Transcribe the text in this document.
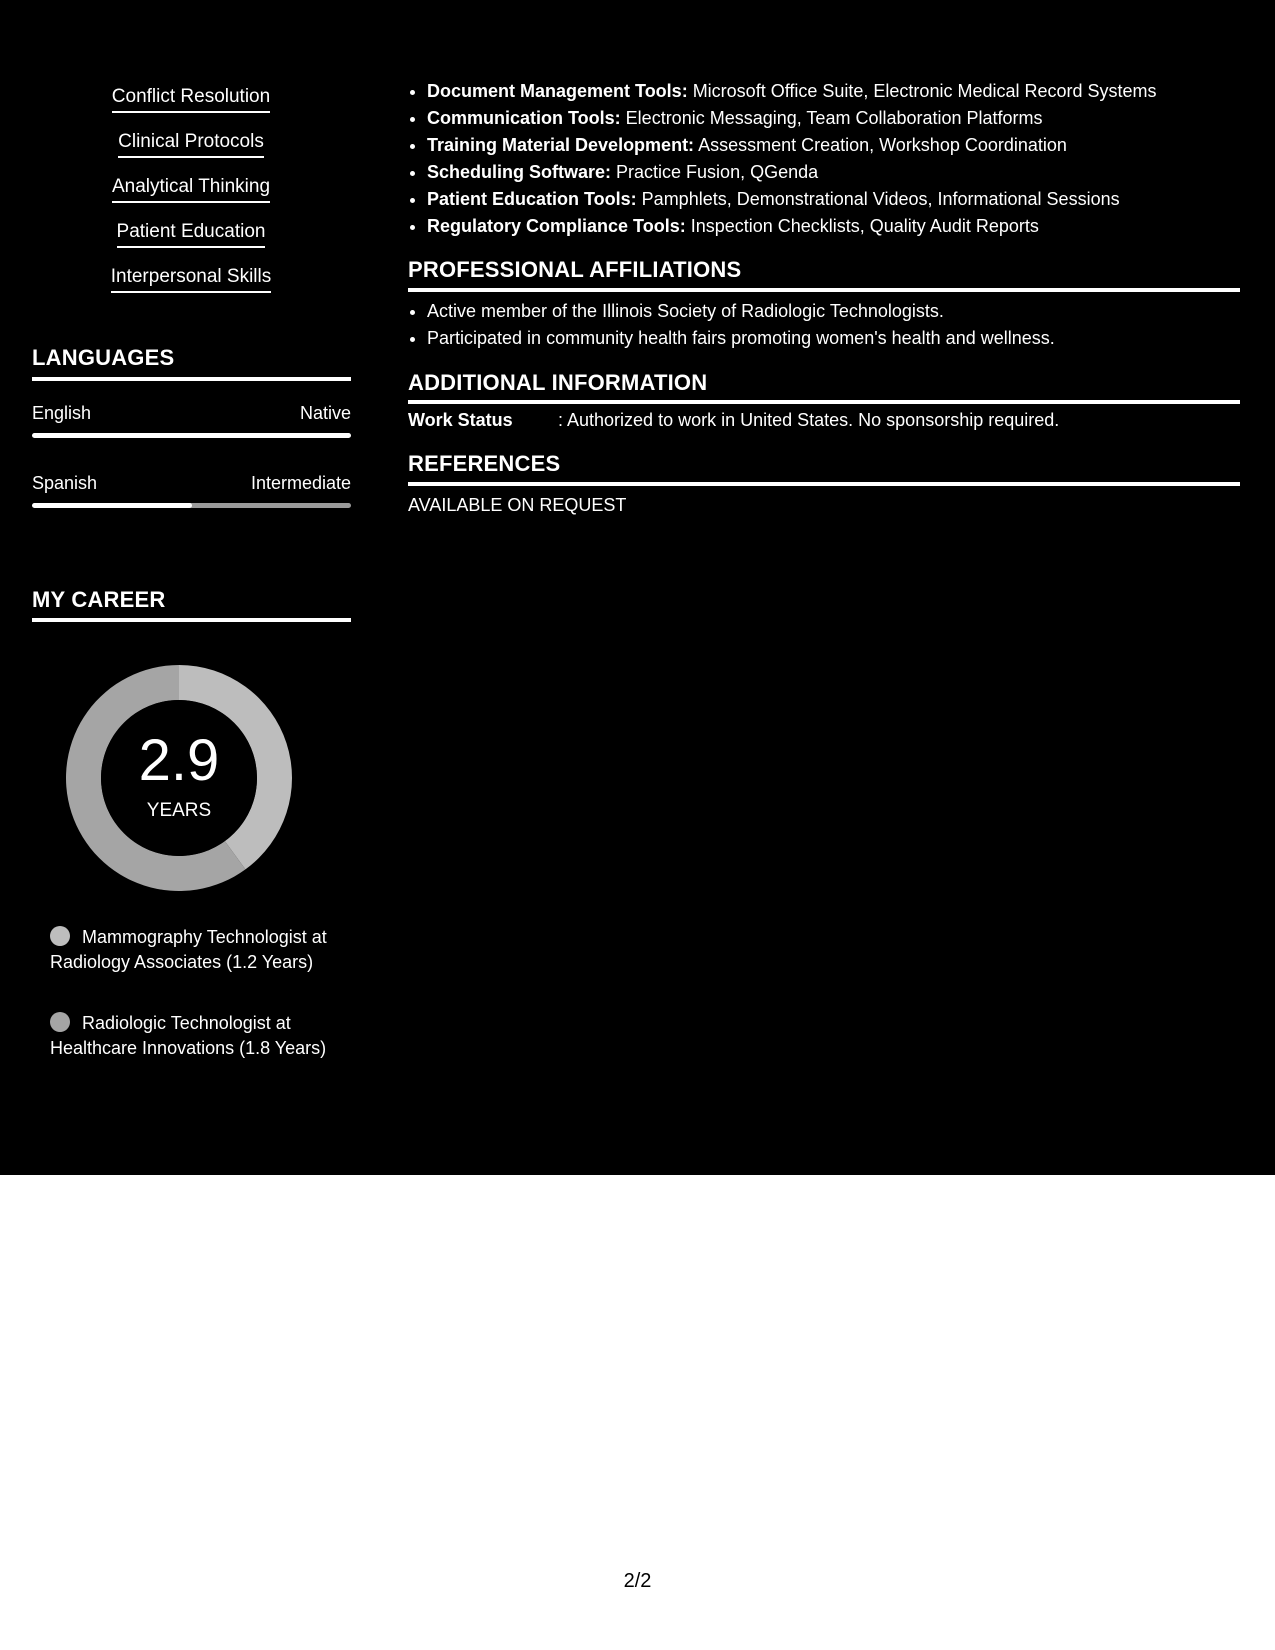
Conflict Resolution
Clinical Protocols
Analytical Thinking
Patient Education
Interpersonal Skills
LANGUAGES
English	Native
Spanish	Intermediate
MY CAREER
2.9
YEARS
Mammography Technologist at Radiology Associates (1.2 Years)
Radiologic Technologist at Healthcare Innovations (1.8 Years)
• Document Management Tools: Microsoft Office Suite, Electronic Medical Record Systems
• Communication Tools: Electronic Messaging, Team Collaboration Platforms
• Training Material Development: Assessment Creation, Workshop Coordination
• Scheduling Software: Practice Fusion, QGenda
• Patient Education Tools: Pamphlets, Demonstrational Videos, Informational Sessions
• Regulatory Compliance Tools: Inspection Checklists, Quality Audit Reports
PROFESSIONAL AFFILIATIONS
• Active member of the Illinois Society of Radiologic Technologists.
• Participated in community health fairs promoting women's health and wellness.
ADDITIONAL INFORMATION
Work Status	: Authorized to work in United States. No sponsorship required.
REFERENCES
AVAILABLE ON REQUEST
2/2
